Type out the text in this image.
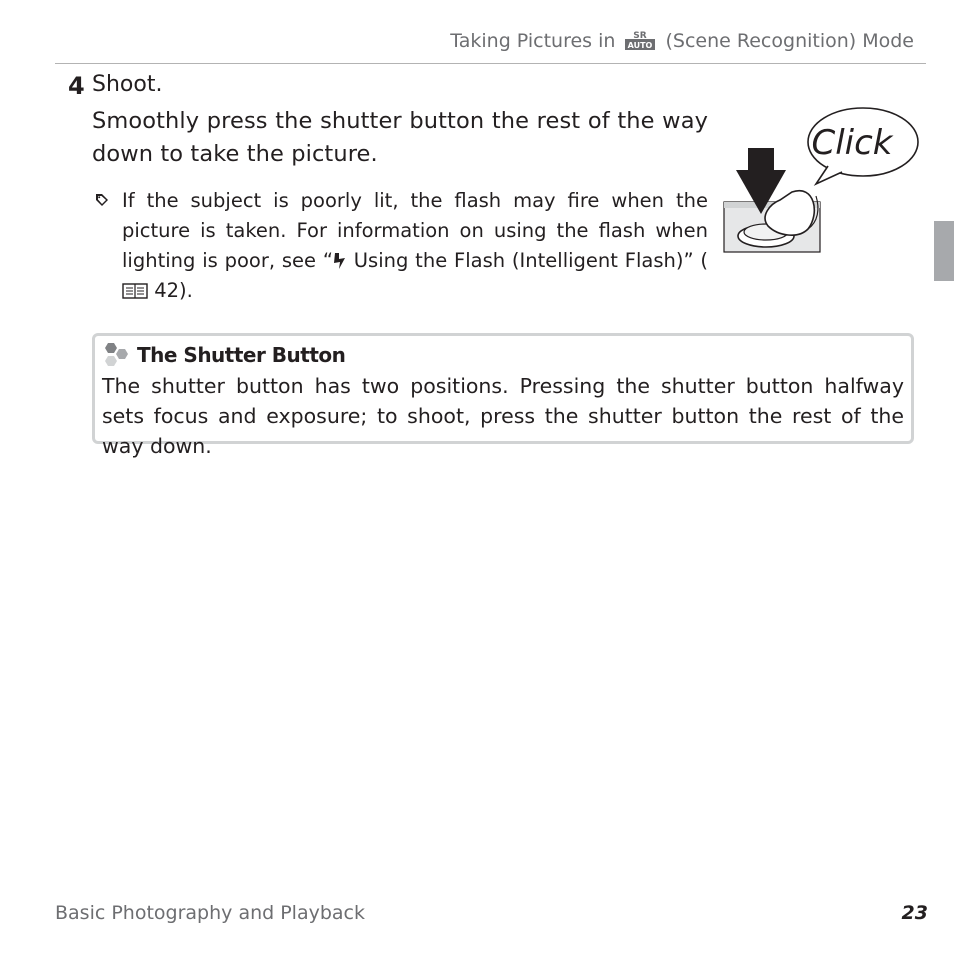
Taking Pictures in SR
AUTO (Scene Recognition) Mode
4 Shoot.
Smoothly press the shutter button the rest of the way down to take the picture.
If the subject is poorly lit, the flash may fire when the picture is taken. For information on using the flash when lighting is poor, see “ Using the Flash (Intelligent Flash)” ( 42).
Click
The Shutter Button
The shutter button has two positions. Pressing the shutter button halfway sets focus and exposure; to shoot, press the shutter button the rest of the way down.
Basic Photography and Playback	23
